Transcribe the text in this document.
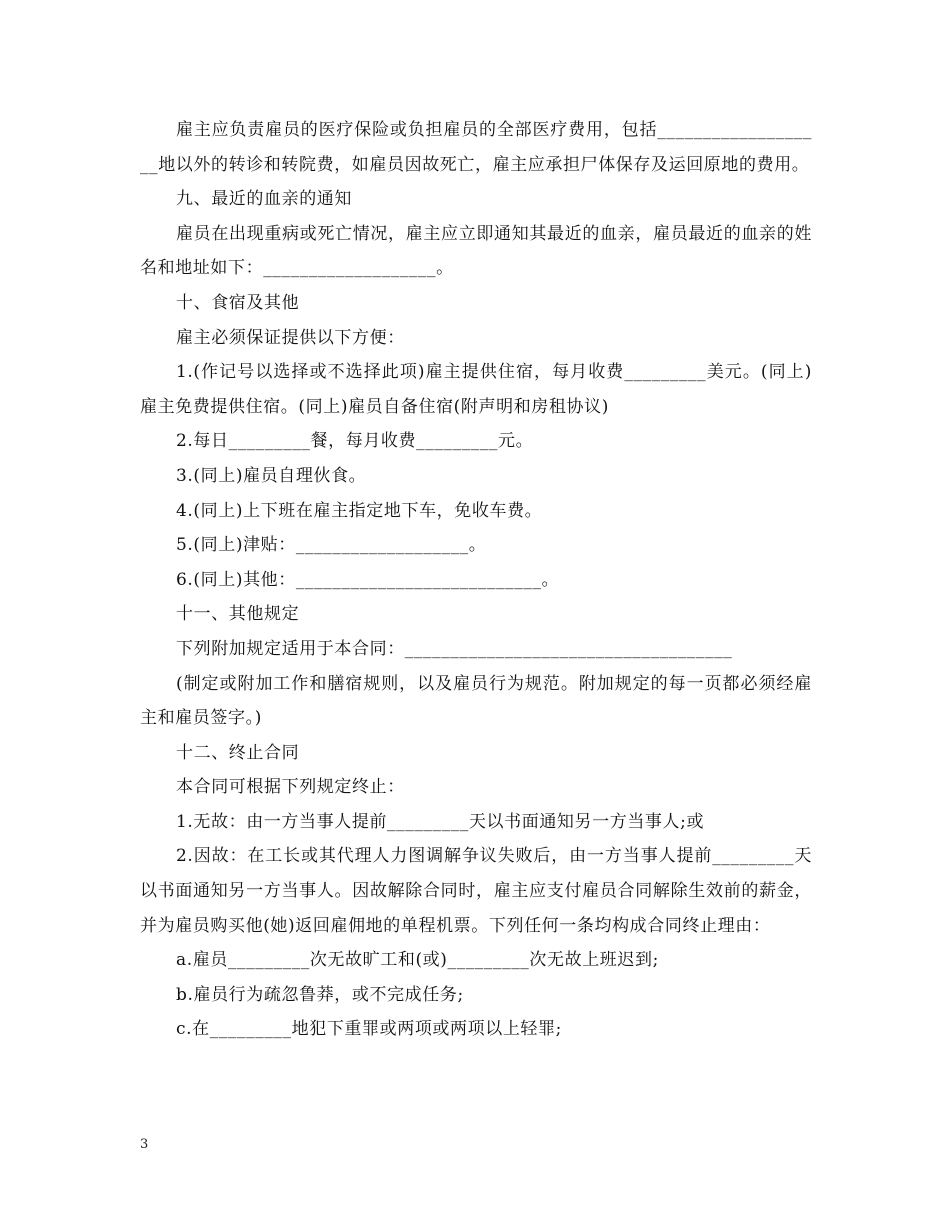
雇主应负责雇员的医疗保险或负担雇员的全部医疗费用，包括___________________地以外的转诊和转院费，如雇员因故死亡，雇主应承担尸体保存及运回原地的费用。

九、最近的血亲的通知

雇员在出现重病或死亡情况，雇主应立即通知其最近的血亲，雇员最近的血亲的姓名和地址如下：___________________。

十、食宿及其他

雇主必须保证提供以下方便：

1.(作记号以选择或不选择此项)雇主提供住宿，每月收费_________美元。(同上)雇主免费提供住宿。(同上)雇员自备住宿(附声明和房租协议)

2.每日_________餐，每月收费_________元。

3.(同上)雇员自理伙食。

4.(同上)上下班在雇主指定地下车，免收车费。

5.(同上)津贴：___________________。

6.(同上)其他：___________________________。

十一、其他规定

下列附加规定适用于本合同：____________________________________

(制定或附加工作和膳宿规则，以及雇员行为规范。附加规定的每一页都必须经雇主和雇员签字。)

十二、终止合同

本合同可根据下列规定终止：

1.无故：由一方当事人提前_________天以书面通知另一方当事人;或

2.因故：在工长或其代理人力图调解争议失败后，由一方当事人提前_________天以书面通知另一方当事人。因故解除合同时，雇主应支付雇员合同解除生效前的薪金，并为雇员购买他(她)返回雇佣地的单程机票。下列任何一条均构成合同终止理由：

a.雇员_________次无故旷工和(或)_________次无故上班迟到;

b.雇员行为疏忽鲁莽，或不完成任务;

c.在_________地犯下重罪或两项或两项以上轻罪;

3
